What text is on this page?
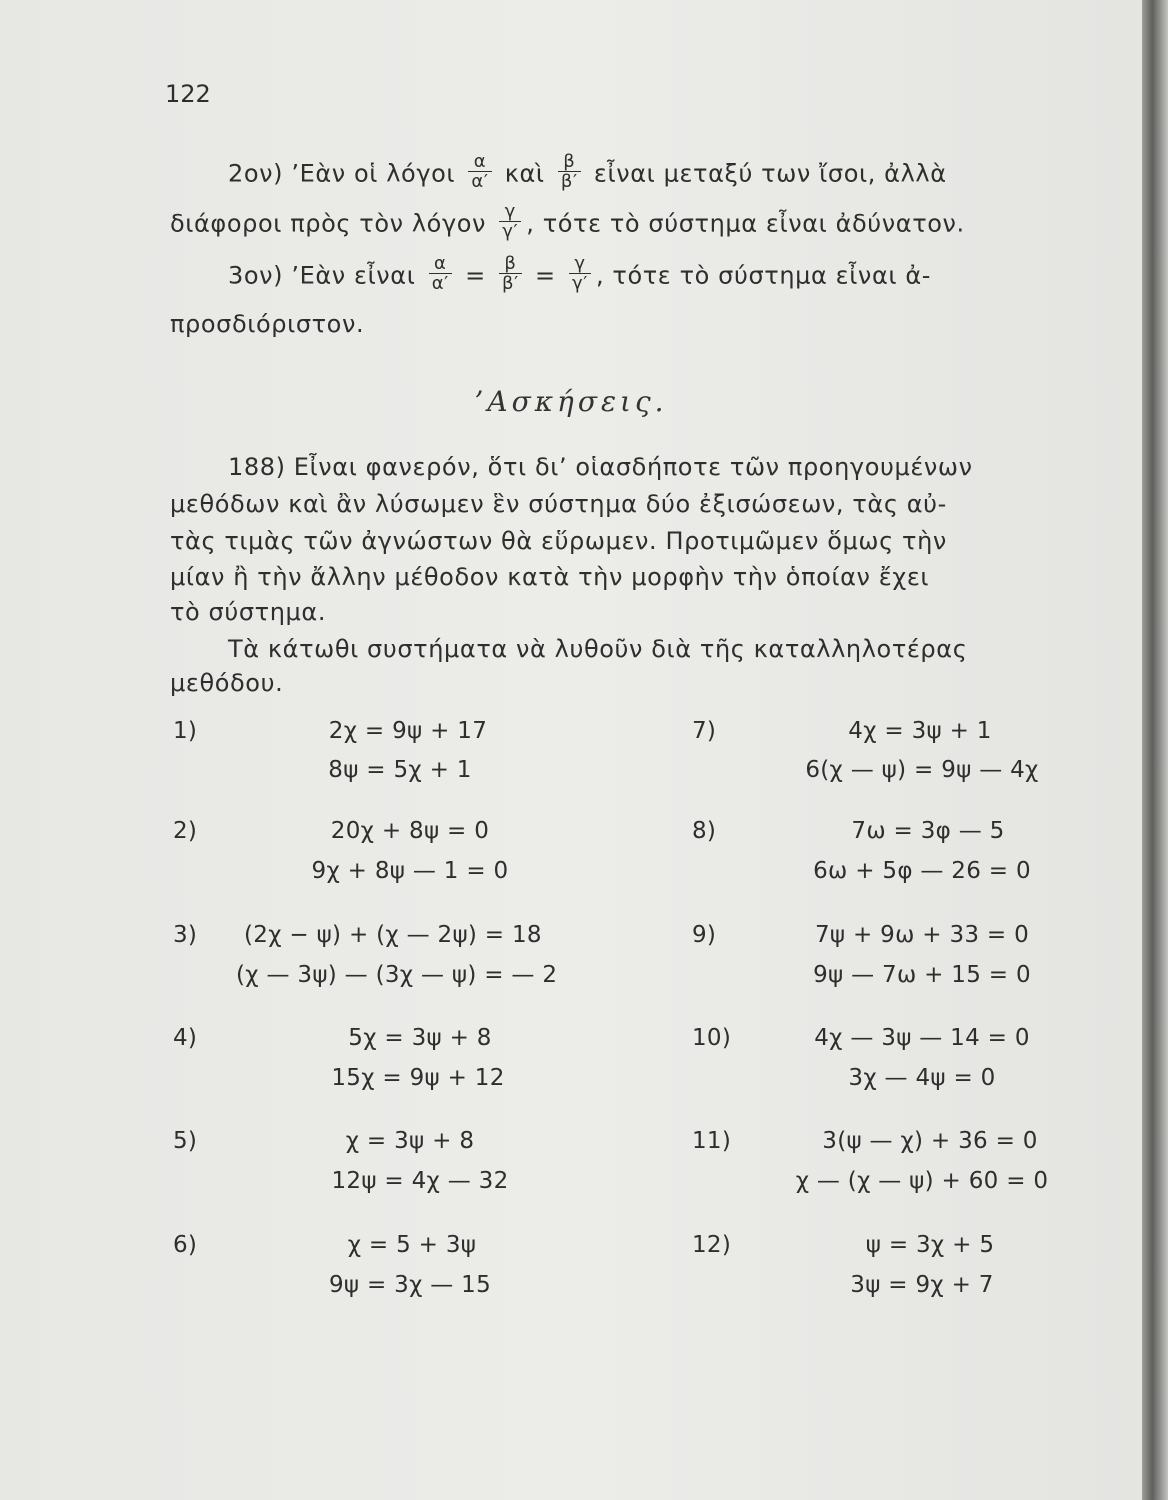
122
2ον) ’Εὰν οἱ λόγοι $\frac{\alpha}{\alpha'}$ καὶ $\frac{\beta}{\beta'}$ εἶναι μεταξύ των ἴσοι, ἀλλὰ
διάφοροι πρὸς τὸν λόγον $\frac{\gamma}{\gamma'}$ , τότε τὸ σύστημα εἶναι ἀδύνατον.
3ον) ’Εὰν εἶναι $\frac{\alpha}{\alpha'} = \frac{\beta}{\beta'} = \frac{\gamma}{\gamma'}$ , τότε τὸ σύστημα εἶναι ἀ-
προσδιόριστον.
’Ασκήσεις.
188) Εἶναι φανερόν, ὅτι δι’ οἱασδήποτε τῶν προηγουμένων
μεθόδων καὶ ἂν λύσωμεν ἓν σύστημα δύο ἐξισώσεων, τὰς αὐ-
τὰς τιμὰς τῶν ἀγνώστων θὰ εὕρωμεν. Προτιμῶμεν ὅμως τὴν
μίαν ἢ τὴν ἄλλην μέθοδον κατὰ τὴν μορφὴν τὴν ὁποίαν ἔχει
τὸ σύστημα.
Τὰ κάτωθι συστήματα νὰ λυθοῦν διὰ τῆς καταλληλοτέρας
μεθόδου.
1)	2χ = 9ψ + 17
8ψ = 5χ + 1
2)	20χ + 8ψ = 0
9χ + 8ψ — 1 = 0
3) (2χ − ψ) + (χ — 2ψ) = 18
(χ — 3ψ) — (3χ — ψ) = — 2
4)	5χ = 3ψ + 8
15χ = 9ψ + 12
5)	χ = 3ψ + 8
12ψ = 4χ — 32
6)	χ = 5 + 3ψ
9ψ = 3χ — 15
7)	4χ = 3ψ + 1
6(χ — ψ) = 9ψ — 4χ
8)	7ω = 3φ — 5
6ω + 5φ — 26 = 0
9)	7ψ + 9ω + 33 = 0
9ψ — 7ω + 15 = 0
10)	4χ — 3ψ — 14 = 0
3χ — 4ψ = 0
11)	3(ψ — χ) + 36 = 0
χ — (χ — ψ) + 60 = 0
12)	ψ = 3χ + 5
3ψ = 9χ + 7
